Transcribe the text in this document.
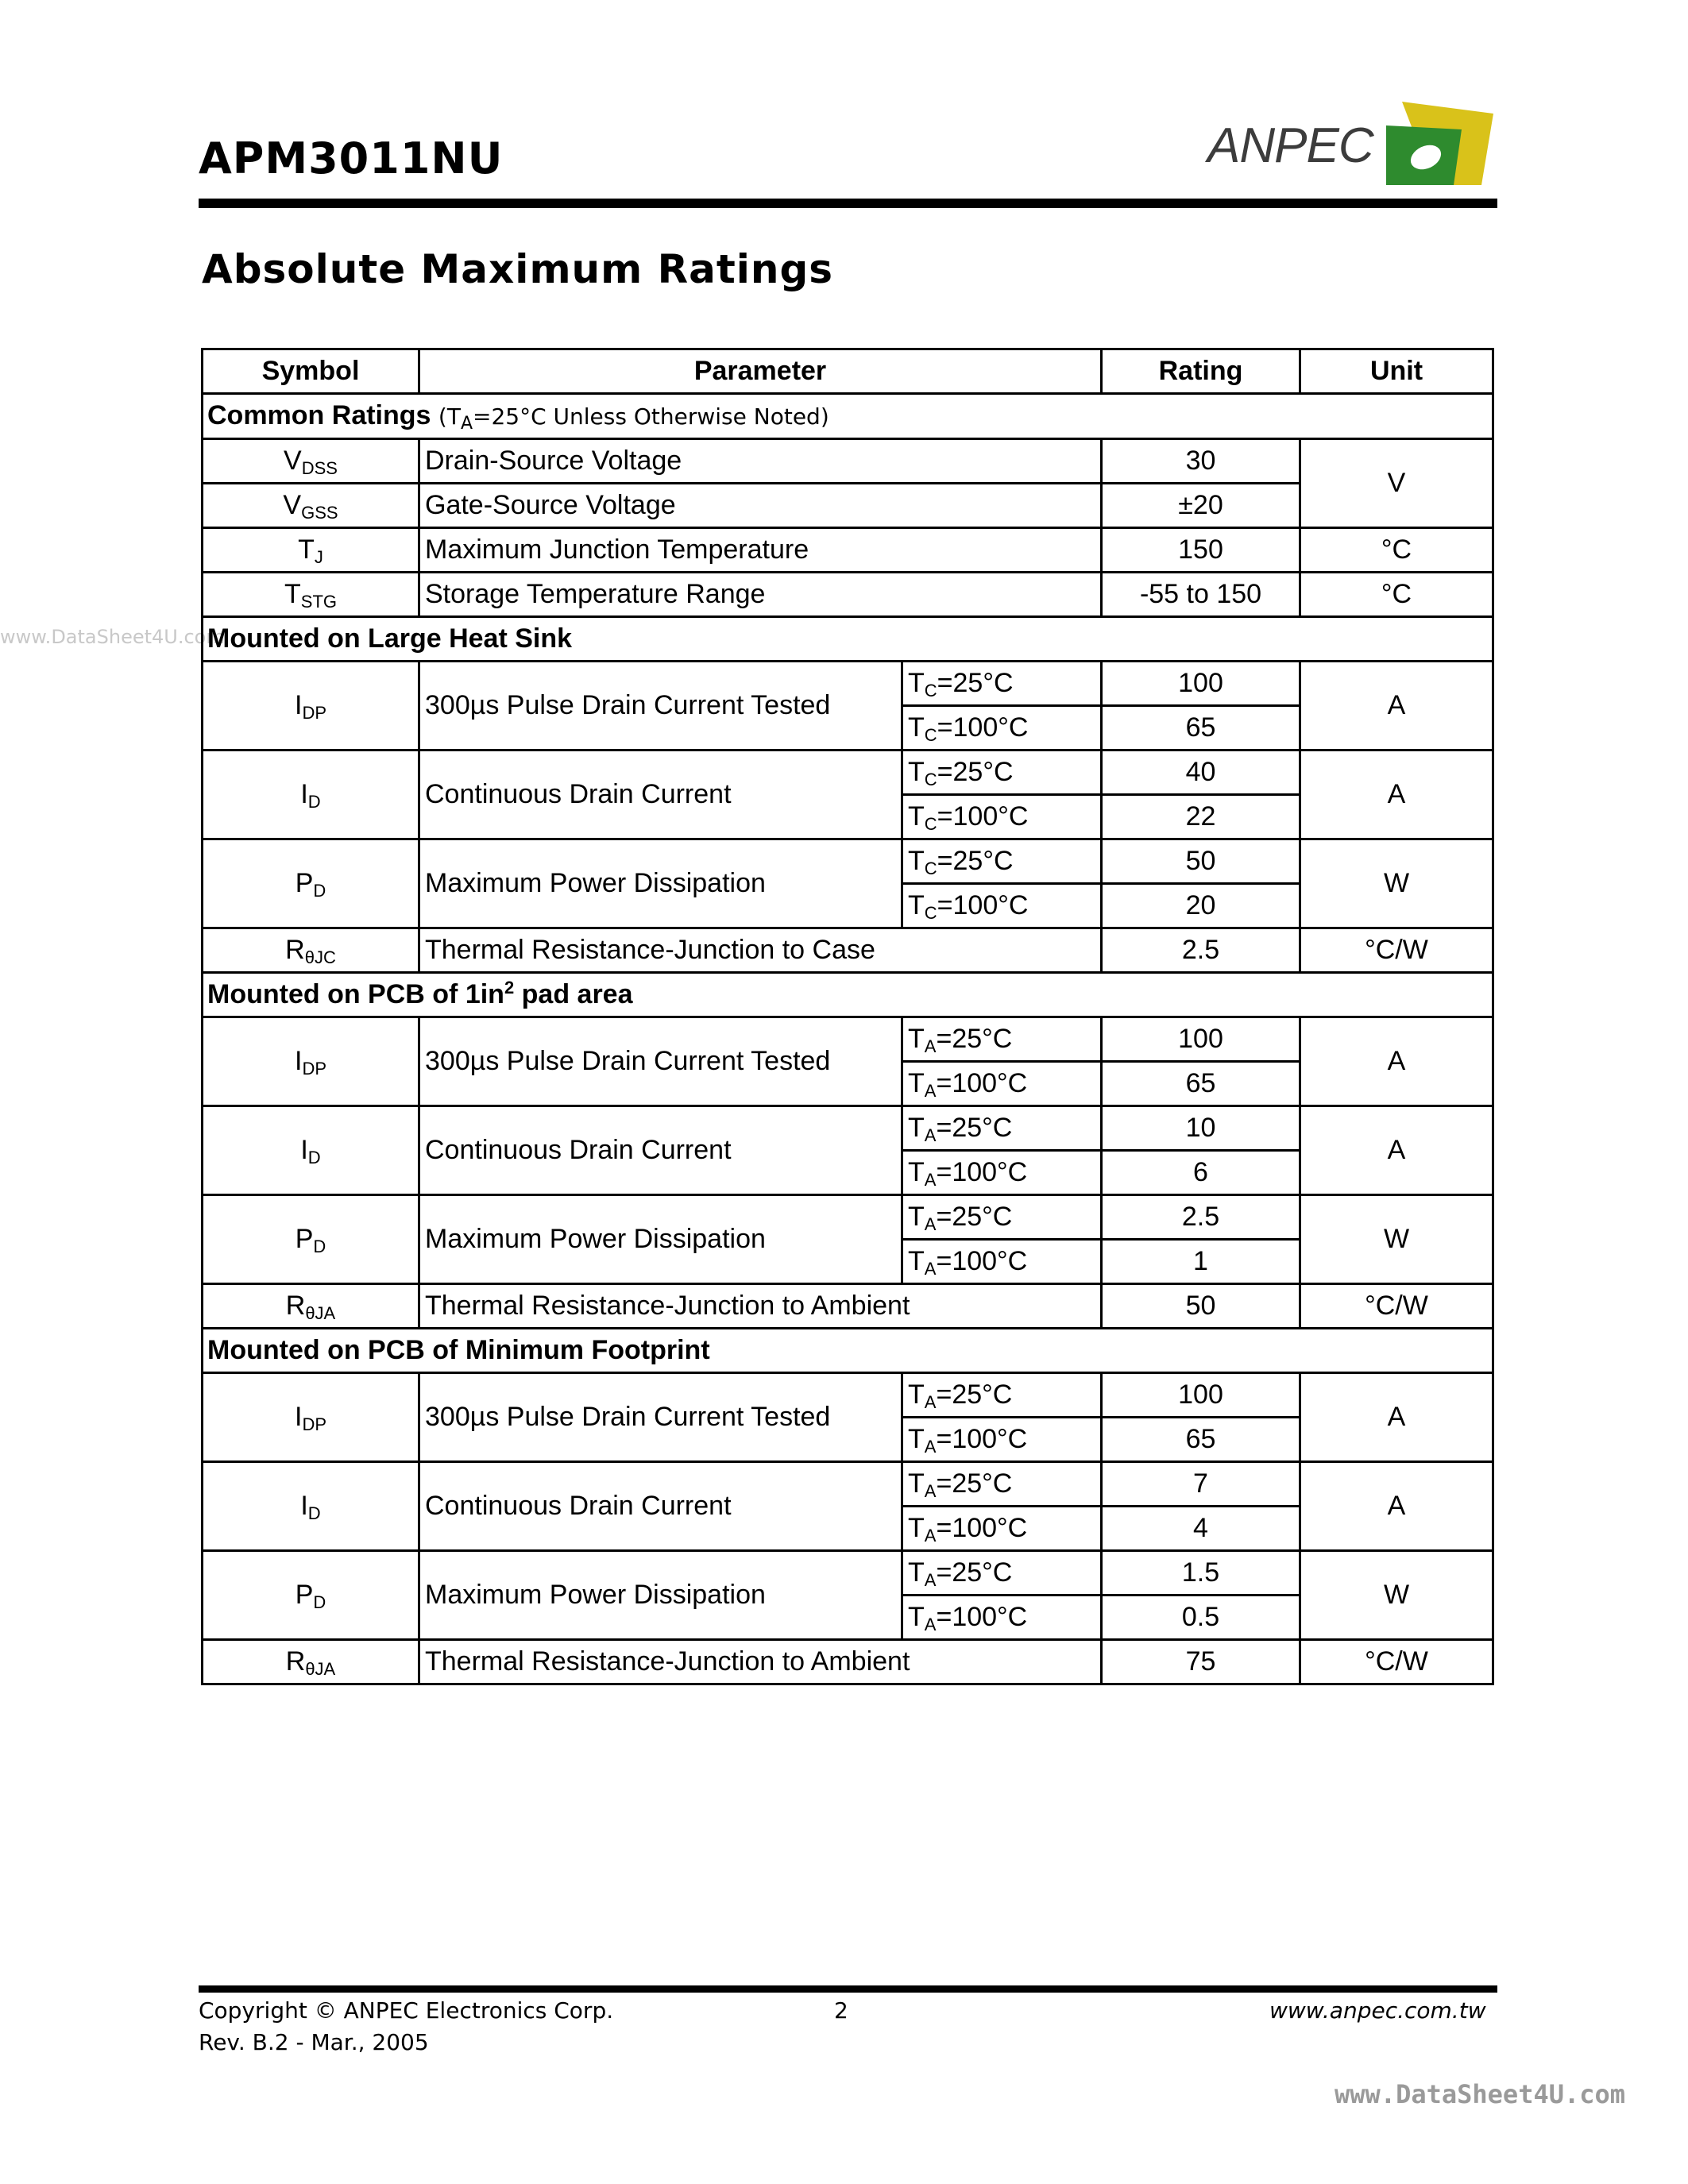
APM3011NU	ANPEC
Absolute Maximum Ratings
www.DataSheet4U.com
Symbol	Parameter		Rating	Unit
Common Ratings ($T_A=25^\circ C$ Unless Otherwise Noted)				
$V_{DSS}$	Drain-Source Voltage		30	V
$V_{GSS}$	Gate-Source Voltage		±20	
$T_J$	Maximum Junction Temperature		150	°C
$T_{STG}$	Storage Temperature Range		-55 to 150	°C
Mounted on Large Heat Sink				
$I_{DP}$	300µs Pulse Drain Current Tested	$T_C=25^\circ C$	100	A
		$T_C=100^\circ C$	65	
$I_D$	Continuous Drain Current	$T_C=25^\circ C$	40	A
		$T_C=100^\circ C$	22	
$P_D$	Maximum Power Dissipation	$T_C=25^\circ C$	50	W
		$T_C=100^\circ C$	20	
$R_{\theta JC}$	Thermal Resistance-Junction to Case		2.5	°C/W
Mounted on PCB of $1in^2$ pad area				
$I_{DP}$	300µs Pulse Drain Current Tested	$T_A=25^\circ C$	100	A
		$T_A=100^\circ C$	65	
$I_D$	Continuous Drain Current	$T_A=25^\circ C$	10	A
		$T_A=100^\circ C$	6	
$P_D$	Maximum Power Dissipation	$T_A=25^\circ C$	2.5	W
		$T_A=100^\circ C$	1	
$R_{\theta JA}$	Thermal Resistance-Junction to Ambient		50	°C/W
Mounted on PCB of Minimum Footprint				
$I_{DP}$	300µs Pulse Drain Current Tested	$T_A=25^\circ C$	100	A
		$T_A=100^\circ C$	65	
$I_D$	Continuous Drain Current	$T_A=25^\circ C$	7	A
		$T_A=100^\circ C$	4	
$P_D$	Maximum Power Dissipation	$T_A=25^\circ C$	1.5	W
		$T_A=100^\circ C$	0.5	
$R_{\theta JA}$	Thermal Resistance-Junction to Ambient		75	°C/W
Copyright © ANPEC Electronics Corp.
Rev. B.2 - Mar., 2005
2	www.anpec.com.tw
www.DataSheet4U.com
